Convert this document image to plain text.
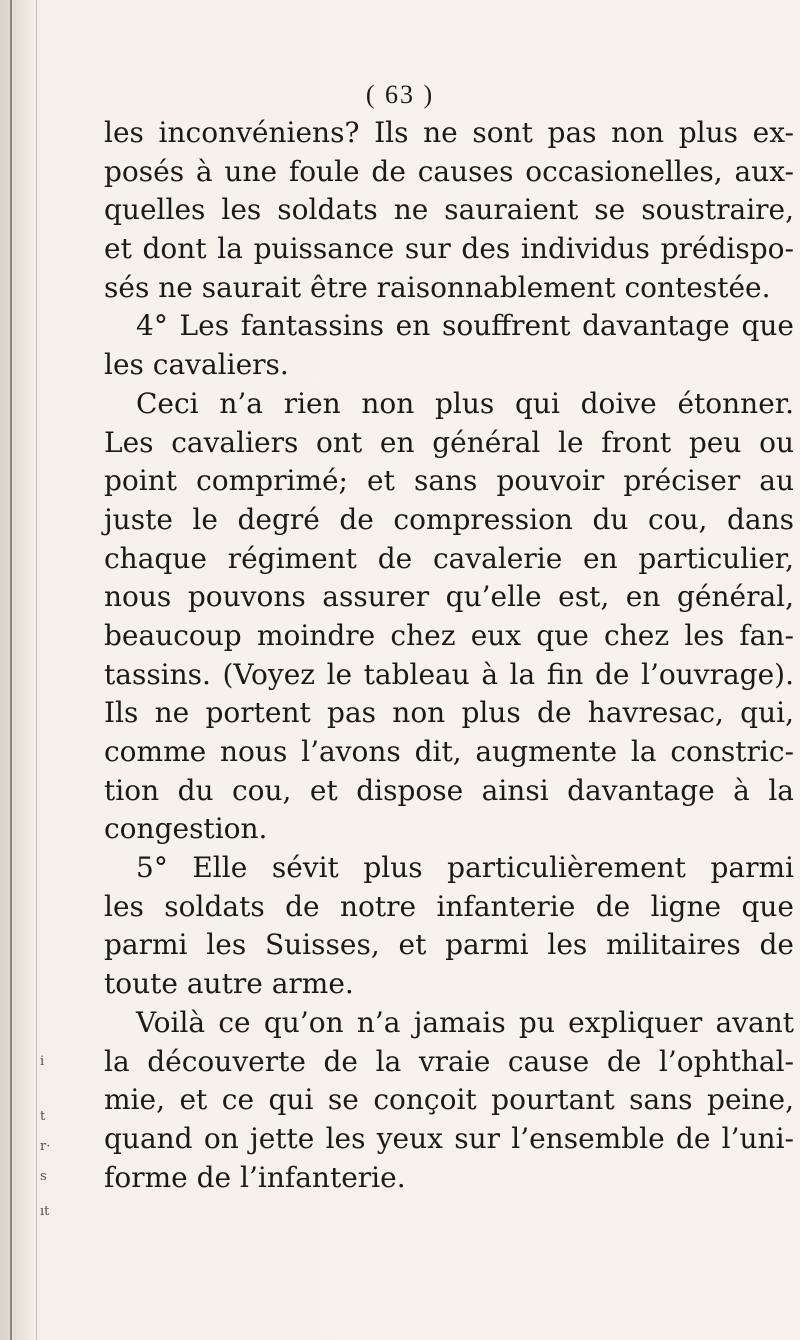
i
t
r·
s
ıt
( 63 )
les inconvéniens? Ils ne sont pas non plus ex-
posés à une foule de causes occasionelles, aux-
quelles les soldats ne sauraient se soustraire,
et dont la puissance sur des individus prédispo-
sés ne saurait être raisonnablement contestée.
4° Les fantassins en souffrent davantage que
les cavaliers.
Ceci n’a rien non plus qui doive étonner.
Les cavaliers ont en général le front peu ou
point comprimé; et sans pouvoir préciser au
juste le degré de compression du cou, dans
chaque régiment de cavalerie en particulier,
nous pouvons assurer qu’elle est, en général,
beaucoup moindre chez eux que chez les fan-
tassins. (Voyez le tableau à la fin de l’ouvrage).
Ils ne portent pas non plus de havresac, qui,
comme nous l’avons dit, augmente la constric-
tion du cou, et dispose ainsi davantage à la
congestion.
5° Elle sévit plus particulièrement parmi
les soldats de notre infanterie de ligne que
parmi les Suisses, et parmi les militaires de
toute autre arme.
Voilà ce qu’on n’a jamais pu expliquer avant
la découverte de la vraie cause de l’ophthal-
mie, et ce qui se conçoit pourtant sans peine,
quand on jette les yeux sur l’ensemble de l’uni-
forme de l’infanterie.
